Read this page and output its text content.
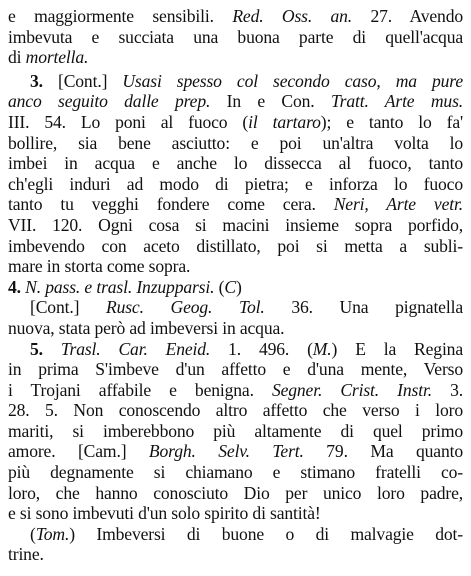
e maggiormente sensibili. Red. Oss. an. 27. Avendo
imbevuta e succiata una buona parte di quell'acqua
di mortella.
3. [Cont.] Usasi spesso col secondo caso, ma pure
anco seguito dalle prep. In e Con. Tratt. Arte mus.
III. 54. Lo poni al fuoco (il tartaro); e tanto lo fa'
bollire, sia bene asciutto: e poi un'altra volta lo
imbei in acqua e anche lo dissecca al fuoco, tanto
ch'egli induri ad modo di pietra; e inforza lo fuoco
tanto tu vegghi fondere come cera. Neri, Arte vetr.
VII. 120. Ogni cosa si macini insieme sopra porfido,
imbevendo con aceto distillato, poi si metta a subli-
mare in storta come sopra.
4. N. pass. e trasl. Inzupparsi. (C)
[Cont.] Rusc. Geog. Tol. 36. Una pignatella
nuova, stata però ad imbeversi in acqua.
5. Trasl. Car. Eneid. 1. 496. (M.) E la Regina
in prima S'imbeve d'un affetto e d'una mente, Verso
i Trojani affabile e benigna. Segner. Crist. Instr. 3.
28. 5. Non conoscendo altro affetto che verso i loro
mariti, si imberebbono più altamente di quel primo
amore. [Cam.] Borgh. Selv. Tert. 79. Ma quanto
più degnamente si chiamano e stimano fratelli co-
loro, che hanno conosciuto Dio per unico loro padre,
e si sono imbevuti d'un solo spirito di santità!
(Tom.) Imbeversi di buone o di malvagie dot-
trine.
